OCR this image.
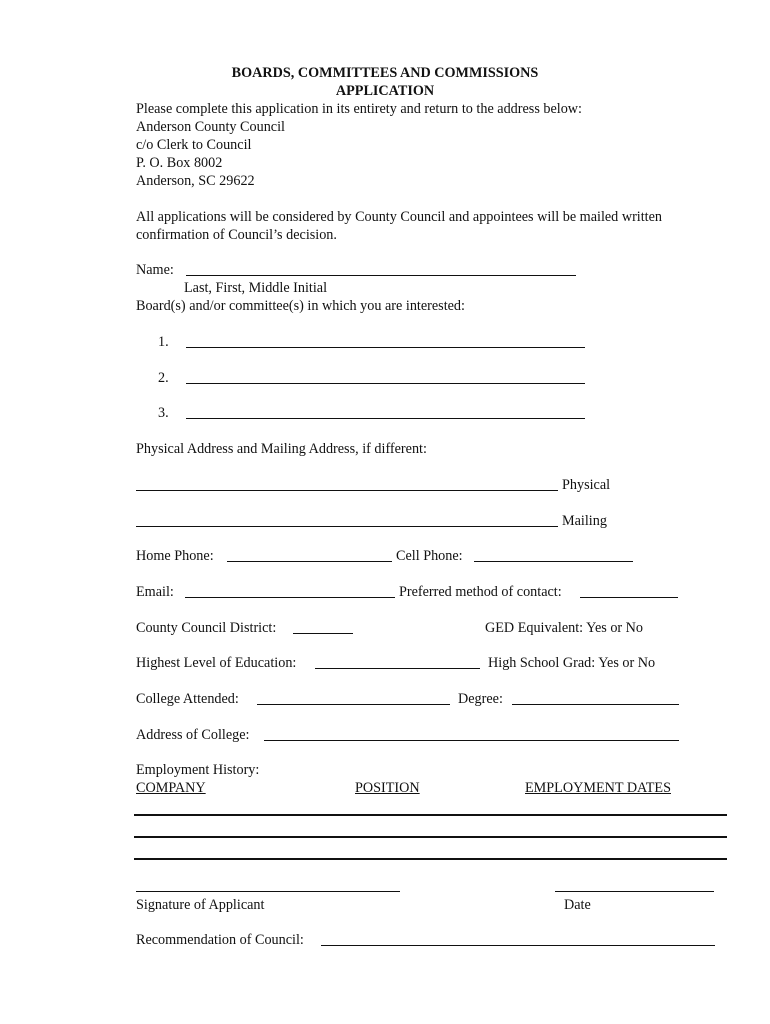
BOARDS, COMMITTEES AND COMMISSIONS
APPLICATION
Please complete this application in its entirety and return to the address below:
Anderson County Council
c/o Clerk to Council
P. O. Box 8002
Anderson, SC 29622
All applications will be considered by County Council and appointees will be mailed written
confirmation of Council’s decision.
Name:
Last, First, Middle Initial
Board(s) and/or committee(s) in which you are interested:
1.
2.
3.
Physical Address and Mailing Address, if different:
Physical
Mailing
Home Phone:	Cell Phone:
Email:	Preferred method of contact:
County Council District:	GED Equivalent: Yes or No
Highest Level of Education:	High School Grad: Yes or No
College Attended:	Degree:
Address of College:
Employment History:
COMPANY	POSITION	EMPLOYMENT DATES
Signature of Applicant	Date
Recommendation of Council:
